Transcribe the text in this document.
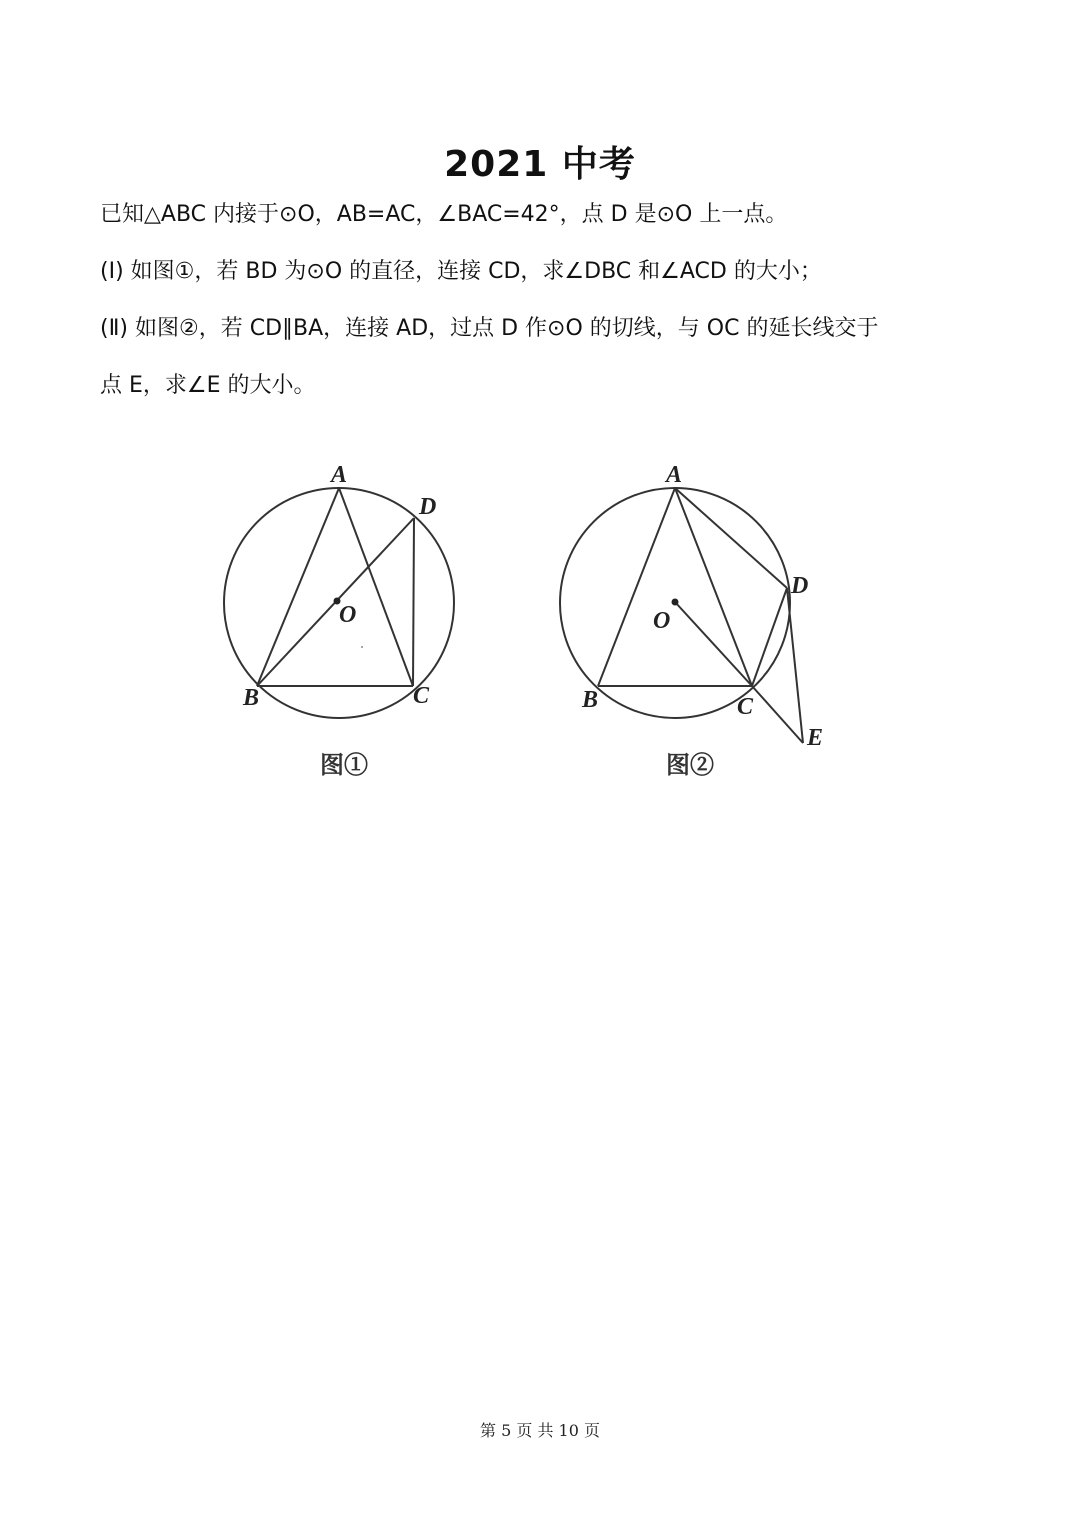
2021 中考
已知△ABC 内接于⊙O，AB=AC，∠BAC=42°，点 D 是⊙O 上一点。
(Ⅰ) 如图①，若 BD 为⊙O 的直径，连接 CD，求∠DBC 和∠ACD 的大小；
(Ⅱ) 如图②，若 CD∥BA，连接 AD，过点 D 作⊙O 的切线，与 OC 的延长线交于
点 E，求∠E 的大小。
A
D
O
B	C
图①
A
D
O
B	C
E
图②
第 5 页 共 10 页
